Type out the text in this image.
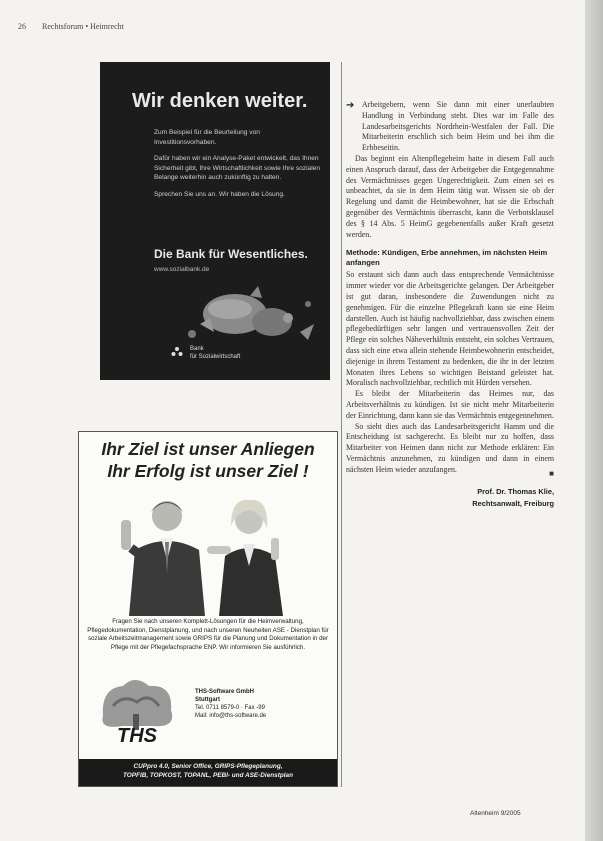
26 Rechtsforum • Heimrecht
Wir denken weiter.

Zum Beispiel für die Beurteilung von Investitionsvorhaben.

Dafür haben wir ein Analyse-Paket entwickelt, das Ihnen Sicherheit gibt, Ihre Wirtschaftlichkeit sowie Ihre sozialen Belange weiterhin auch zukünftig zu halten.

Sprechen Sie uns an. Wir haben die Lösung.

Die Bank für Wesentliches.
www.sozialbank.de
Bank
für Sozialwirtschaft
Ihr Ziel ist unser Anliegen
Ihr Erfolg ist unser Ziel !
Fragen Sie nach unseren Komplett-Lösungen für die Heimverwaltung, Pflegedokumentation, Dienstplanung, und nach unseren Neuheiten ASE - Dienstplan für soziale Arbeitszeitmanagement sowie GRIPS für die Planung und Dokumentation in der Pflege mit der Pflegefachsprache ENP. Wir informieren Sie ausführlich.
THS
THS-Software GmbH
Stuttgart
Tel. 0711 8579-0 · Fax -99
Mail: info@ths-software.de
CUPpro 4.0, Senior Office, GRIPS-Pflegeplanung,
TOPFIB, TOPKOST, TOPANL, PEBI- und ASE-Dienstplan
➔ Arbeitgebern, wenn Sie dann mit einer unerlaubten Handlung in Verbindung steht. Dies war im Falle des Landesarbeitsgerichts Nordrhein-Westfalen der Fall. Die Mitarbeiterin erschlich sich beim Heim und bei ihm die Erbbeseitin.

Das beginnt ein Altenpflegeheim hatte in diesem Fall auch einen Anspruch darauf, dass der Arbeitgeber die Entgegennahme des Vermächtnisses gegen Ungerechtigkeit. Zum einen sei es unbeachtet, da sie in dem Heim tätig war. Wissen sie ob der Regelung und damit die Heimbewohner, hat sie die Erbschaft gegenüber des Vermächtnis überrascht, kann die Verbotsklausel des § 14 Abs. 5 HeimG gegebenenfalls außer Kraft gesetzt werden.

Methode: Kündigen, Erbe annehmen, im nächsten Heim anfangen

So erstaunt sich dann auch dass entsprechende Vermächtnisse immer wieder vor die Arbeitsgerichte gelangen. Der Arbeitgeber ist gut daran, insbesondere die Zuwendungen nicht zu genehmigen. Für die einzelne Pflegekraft kann sie eine Heim darstellen. Auch ist häufig nachvollziehbar, dass zwischen einem pflegebedürftigen sehr langen und vertrauensvollen Zeit der Pflege ein solches Näheverhältnis entsteht, ein solches Vertrauen, dass sich eine etwa allein stehende Heimbewohnerin entscheidet, diejenige in ihrem Testament zu bedenken, die ihr in der letzten Monaten ihres Lebens so wichtigen Beistand geleistet hat. Moralisch nachvollziehbar, rechtlich mit Hürden versehen.

Es bleibt der Mitarbeiterin das Heimes nur, das Arbeitsverhältnis zu kündigen. Ist sie nicht mehr Mitarbeiterin der Einrichtung, dann kann sie das Vermächtnis entgegennehmen.

So sieht dies auch das Landesarbeitsgericht Hamm und die Entscheidung ist sachgerecht. Es bleibt nur zu hoffen, dass Mitarbeiter von Heimen dann nicht zur Methode erklären: Ein Vermächtnis anzunehmen, zu kündigen und dann in einem nächsten Heim wieder anzufangen.	■
Prof. Dr. Thomas Klie,
Rechtsanwalt, Freiburg
Altenheim 9/2005
